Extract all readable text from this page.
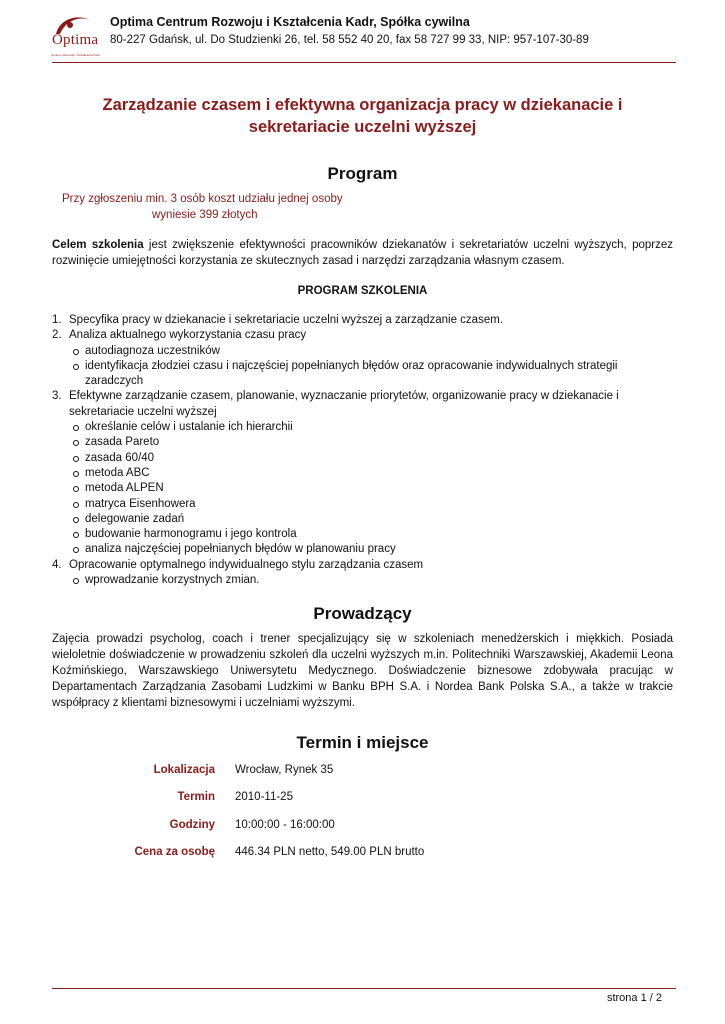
Optima
Centrum Rozwoju i Kształcenia Kadr
Optima Centrum Rozwoju i Kształcenia Kadr, Spółka cywilna
80-227 Gdańsk, ul. Do Studzienki 26, tel. 58 552 40 20, fax 58 727 99 33, NIP: 957-107-30-89
Zarządzanie czasem i efektywna organizacja pracy w dziekanacie i sekretariacie uczelni wyższej
Program
Przy zgłoszeniu min. 3 osób koszt udziału jednej osoby
wyniesie 399 złotych
Celem szkolenia jest zwiększenie efektywności pracowników dziekanatów i sekretariatów uczelni wyższych, poprzez rozwinięcie umiejętności korzystania ze skutecznych zasad i narzędzi zarządzania własnym czasem.
PROGRAM SZKOLENIA
1. Specyfika pracy w dziekanacie i sekretariacie uczelni wyższej a zarządzanie czasem.
2. Analiza aktualnego wykorzystania czasu pracy
autodiagnoza uczestników
identyfikacja złodziei czasu i najczęściej popełnianych błędów oraz opracowanie indywidualnych strategii zaradczych
3. Efektywne zarządzanie czasem, planowanie, wyznaczanie priorytetów, organizowanie pracy w dziekanacie i sekretariacie uczelni wyższej
określanie celów i ustalanie ich hierarchii
zasada Pareto
zasada 60/40
metoda ABC
metoda ALPEN
matryca Eisenhowera
delegowanie zadań
budowanie harmonogramu i jego kontrola
analiza najczęściej popełnianych błędów w planowaniu pracy
4. Opracowanie optymalnego indywidualnego stylu zarządzania czasem
wprowadzanie korzystnych zmian.
Prowadzący
Zajęcia prowadzi psycholog, coach i trener specjalizujący się w szkoleniach menedżerskich i miękkich. Posiada wieloletnie doświadczenie w prowadzeniu szkoleń dla uczelni wyższych m.in. Politechniki Warszawskiej, Akademii Leona Koźmińskiego, Warszawskiego Uniwersytetu Medycznego. Doświadczenie biznesowe zdobywała pracując w Departamentach Zarządzania Zasobami Ludzkimi w Banku BPH S.A. i Nordea Bank Polska S.A., a także w trakcie współpracy z klientami biznesowymi i uczelniami wyższymi.
Termin i miejsce
Lokalizacja Wrocław, Rynek 35
Termin 2010-11-25
Godziny 10:00:00 - 16:00:00
Cena za osobę 446.34 PLN netto, 549.00 PLN brutto
strona 1 / 2
